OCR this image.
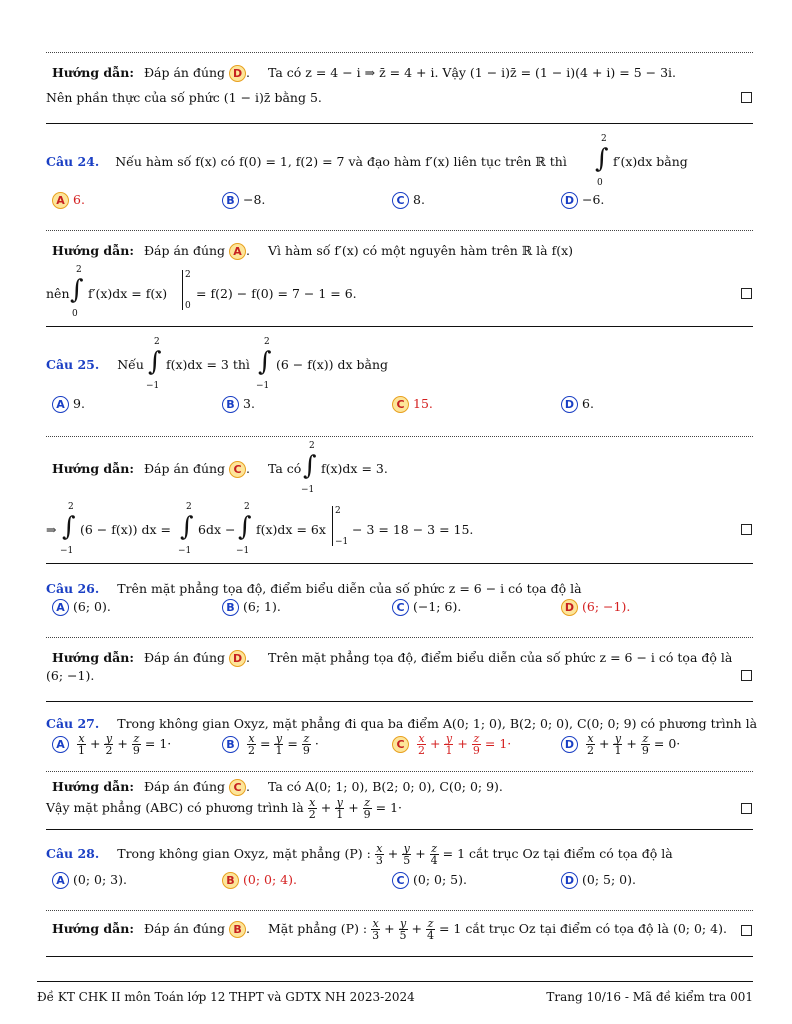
Hướng dẫn: Đáp án đúng D . Ta có z = 4 − i ⇒ z̄ = 4 + i. Vậy (1 − i)z̄ = (1 − i)(4 + i) = 5 − 3i.
Nên phần thực của số phức (1 − i)z̄ bằng 5.
Câu 24. Nếu hàm số f(x) có f(0) = 1, f(2) = 7 và đạo hàm f′(x) liên tục trên ℝ thì
2
∫
0
f′(x)dx bằng
A 6.	B −8.	C 8.	D −6.
Hướng dẫn: Đáp án đúng A . Vì hàm số f′(x) có một nguyên hàm trên ℝ là f(x)
nên
2
∫
0
f′(x)dx = f(x)
2
0
= f(2) − f(0) = 7 − 1 = 6.
Câu 25. Nếu
2
∫
−1
f(x)dx = 3 thì
2
∫
−1
(6 − f(x)) dx bằng
A 9.	B 3.	C 15.	D 6.
Hướng dẫn: Đáp án đúng C . Ta có
2
∫
−1
f(x)dx = 3.
⇒
2
∫
−1
(6 − f(x)) dx =
2
∫
−1
6dx −
2
∫
−1
f(x)dx = 6x
2
−1
− 3 = 18 − 3 = 15.
Câu 26. Trên mặt phẳng tọa độ, điểm biểu diễn của số phức z = 6 − i có tọa độ là
A (6; 0).	B (6; 1).	C (−1; 6).	D (6; −1).
Hướng dẫn: Đáp án đúng D . Trên mặt phẳng tọa độ, điểm biểu diễn của số phức z = 6 − i có tọa độ là
(6; −1).
Câu 27. Trong không gian Oxyz, mặt phẳng đi qua ba điểm A(0; 1; 0), B(2; 0; 0), C(0; 0; 9) có phương trình là
A $\frac{x}{1} + \frac{y}{2} + \frac{z}{9} = 1\cdot$	B $\frac{x}{2} = \frac{y}{1} = \frac{z}{9}$ ·	C $\frac{x}{2} + \frac{y}{1} + \frac{z}{9} = 1\cdot$	D $\frac{x}{2} + \frac{y}{1} + \frac{z}{9} = 0\cdot$
Hướng dẫn: Đáp án đúng C . Ta có A(0; 1; 0), B(2; 0; 0), C(0; 0; 9).
Vậy mặt phẳng (ABC) có phương trình là $\frac{x}{2} + \frac{y}{1} + \frac{z}{9} = 1\cdot$
Câu 28. Trong không gian Oxyz, mặt phẳng (P) : $\frac{x}{3} + \frac{y}{5} + \frac{z}{4} = 1$ cắt trục Oz tại điểm có tọa độ là
A (0; 0; 3).	B (0; 0; 4).	C (0; 0; 5).	D (0; 5; 0).
Hướng dẫn: Đáp án đúng B . Mặt phẳng (P) : $\frac{x}{3} + \frac{y}{5} + \frac{z}{4} = 1$ cắt trục Oz tại điểm có tọa độ là (0; 0; 4).
Đề KT CHK II môn Toán lớp 12 THPT và GDTX NH 2023-2024	Trang 10/16 - Mã đề kiểm tra 001
